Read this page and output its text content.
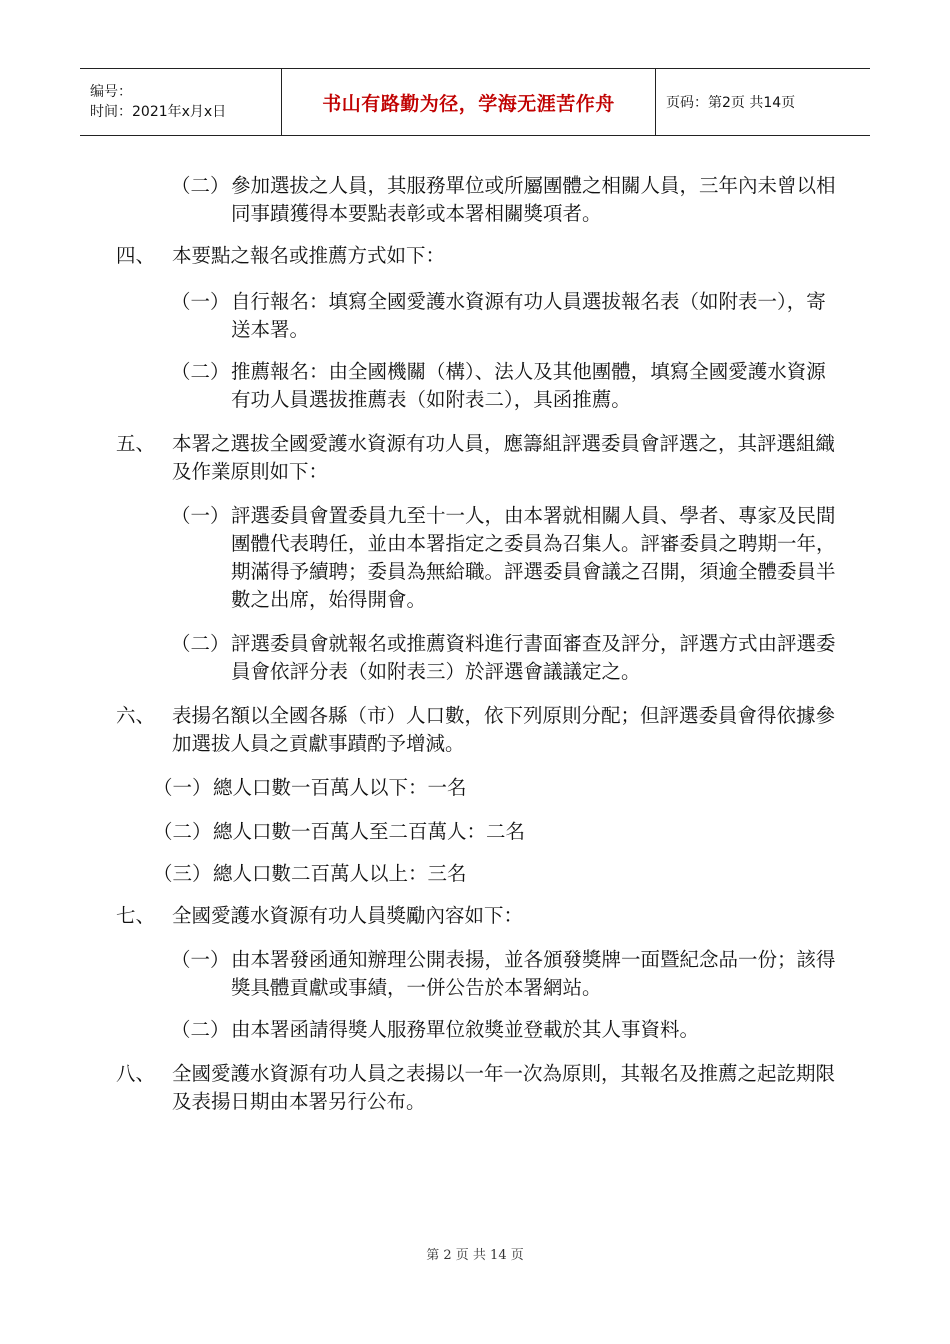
编号：
时间：2021年x月x日	书山有路勤为径，学海无涯苦作舟	页码：第2页 共14页
（二） 參加選拔之人員，其服務單位或所屬團體之相關人員，三年內未曾以相同事蹟獲得本要點表彰或本署相關獎項者。
四、 本要點之報名或推薦方式如下：
（一） 自行報名：填寫全國愛護水資源有功人員選拔報名表（如附表一），寄送本署。
（二） 推薦報名：由全國機關（構）、法人及其他團體，填寫全國愛護水資源有功人員選拔推薦表（如附表二），具函推薦。
五、 本署之選拔全國愛護水資源有功人員，應籌組評選委員會評選之，其評選組織及作業原則如下：
（一） 評選委員會置委員九至十一人，由本署就相關人員、學者、專家及民間團體代表聘任，並由本署指定之委員為召集人。評審委員之聘期一年，期滿得予續聘；委員為無給職。評選委員會議之召開，須逾全體委員半數之出席，始得開會。
（二） 評選委員會就報名或推薦資料進行書面審查及評分，評選方式由評選委員會依評分表（如附表三）於評選會議議定之。
六、 表揚名額以全國各縣（市）人口數，依下列原則分配；但評選委員會得依據參加選拔人員之貢獻事蹟酌予增減。
（一） 總人口數一百萬人以下：一名
（二） 總人口數一百萬人至二百萬人：二名
（三） 總人口數二百萬人以上：三名
七、 全國愛護水資源有功人員獎勵內容如下：
（一） 由本署發函通知辦理公開表揚，並各頒發獎牌一面暨紀念品一份；該得獎具體貢獻或事績，一併公告於本署網站。
（二） 由本署函請得獎人服務單位敘獎並登載於其人事資料。
八、 全國愛護水資源有功人員之表揚以一年一次為原則，其報名及推薦之起訖期限及表揚日期由本署另行公布。
第 2 页 共 14 页
